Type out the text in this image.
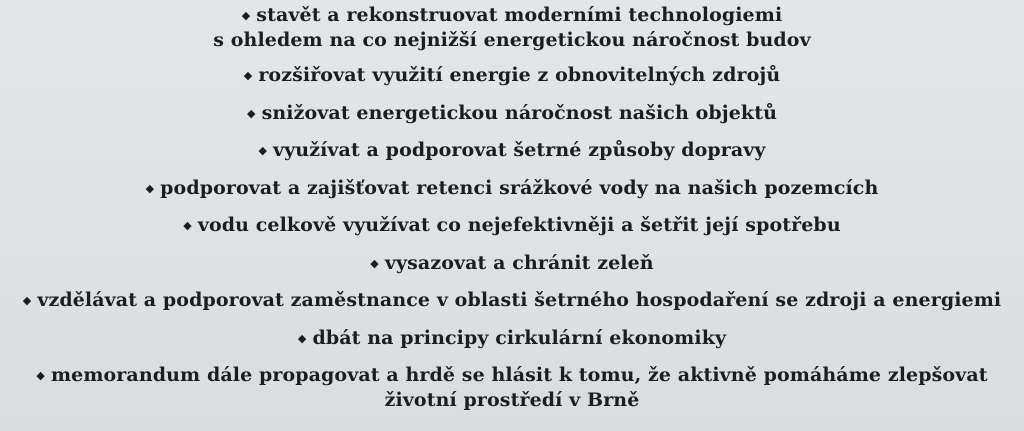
◆ stavět a rekonstruovat moderními technologiemi
s ohledem na co nejnižší energetickou náročnost budov
◆ rozšiřovat využití energie z obnovitelných zdrojů
◆ snižovat energetickou náročnost našich objektů
◆ využívat a podporovat šetrné způsoby dopravy
◆ podporovat a zajišťovat retenci srážkové vody na našich pozemcích
◆ vodu celkově využívat co nejefektivněji a šetřit její spotřebu
◆ vysazovat a chránit zeleň
◆ vzdělávat a podporovat zaměstnance v oblasti šetrného hospodaření se zdroji a energiemi
◆ dbát na principy cirkulární ekonomiky
◆ memorandum dále propagovat a hrdě se hlásit k tomu, že aktivně pomáháme zlepšovat
životní prostředí v Brně
